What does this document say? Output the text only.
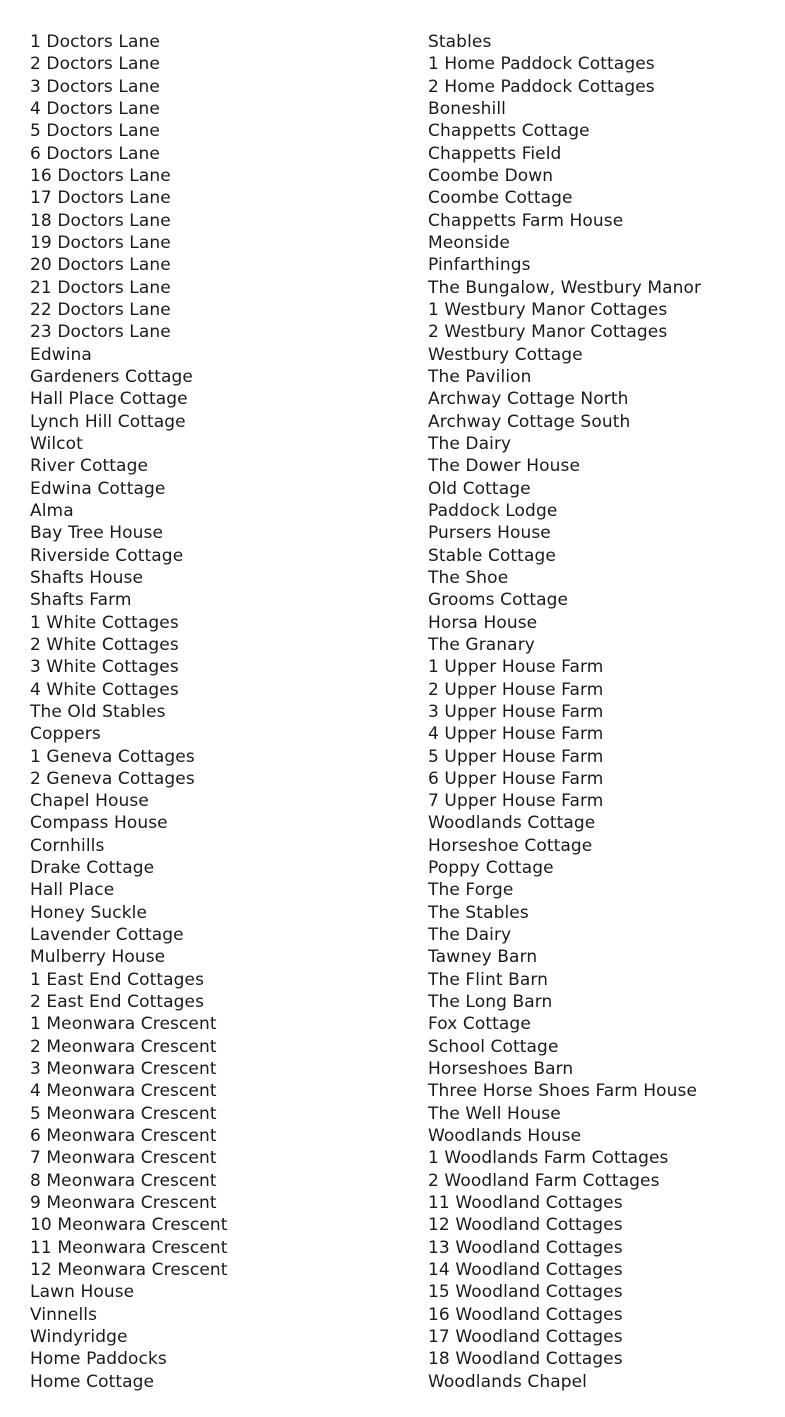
1 Doctors Lane
2 Doctors Lane
3 Doctors Lane
4 Doctors Lane
5 Doctors Lane
6 Doctors Lane
16 Doctors Lane
17 Doctors Lane
18 Doctors Lane
19 Doctors Lane
20 Doctors Lane
21 Doctors Lane
22 Doctors Lane
23 Doctors Lane
Edwina
Gardeners Cottage
Hall Place Cottage
Lynch Hill Cottage
Wilcot
River Cottage
Edwina Cottage
Alma
Bay Tree House
Riverside Cottage
Shafts House
Shafts Farm
1 White Cottages
2 White Cottages
3 White Cottages
4 White Cottages
The Old Stables
Coppers
1 Geneva Cottages
2 Geneva Cottages
Chapel House
Compass House
Cornhills
Drake Cottage
Hall Place
Honey Suckle
Lavender Cottage
Mulberry House
1 East End Cottages
2 East End Cottages
1 Meonwara Crescent
2 Meonwara Crescent
3 Meonwara Crescent
4 Meonwara Crescent
5 Meonwara Crescent
6 Meonwara Crescent
7 Meonwara Crescent
8 Meonwara Crescent
9 Meonwara Crescent
10 Meonwara Crescent
11 Meonwara Crescent
12 Meonwara Crescent
Lawn House
Vinnells
Windyridge
Home Paddocks
Home Cottage
Stables
1 Home Paddock Cottages
2 Home Paddock Cottages
Boneshill
Chappetts Cottage
Chappetts Field
Coombe Down
Coombe Cottage
Chappetts Farm House
Meonside
Pinfarthings
The Bungalow, Westbury Manor
1 Westbury Manor Cottages
2 Westbury Manor Cottages
Westbury Cottage
The Pavilion
Archway Cottage North
Archway Cottage South
The Dairy
The Dower House
Old Cottage
Paddock Lodge
Pursers House
Stable Cottage
The Shoe
Grooms Cottage
Horsa House
The Granary
1 Upper House Farm
2 Upper House Farm
3 Upper House Farm
4 Upper House Farm
5 Upper House Farm
6 Upper House Farm
7 Upper House Farm
Woodlands Cottage
Horseshoe Cottage
Poppy Cottage
The Forge
The Stables
The Dairy
Tawney Barn
The Flint Barn
The Long Barn
Fox Cottage
School Cottage
Horseshoes Barn
Three Horse Shoes Farm House
The Well House
Woodlands House
1 Woodlands Farm Cottages
2 Woodland Farm Cottages
11 Woodland Cottages
12 Woodland Cottages
13 Woodland Cottages
14 Woodland Cottages
15 Woodland Cottages
16 Woodland Cottages
17 Woodland Cottages
18 Woodland Cottages
Woodlands Chapel
